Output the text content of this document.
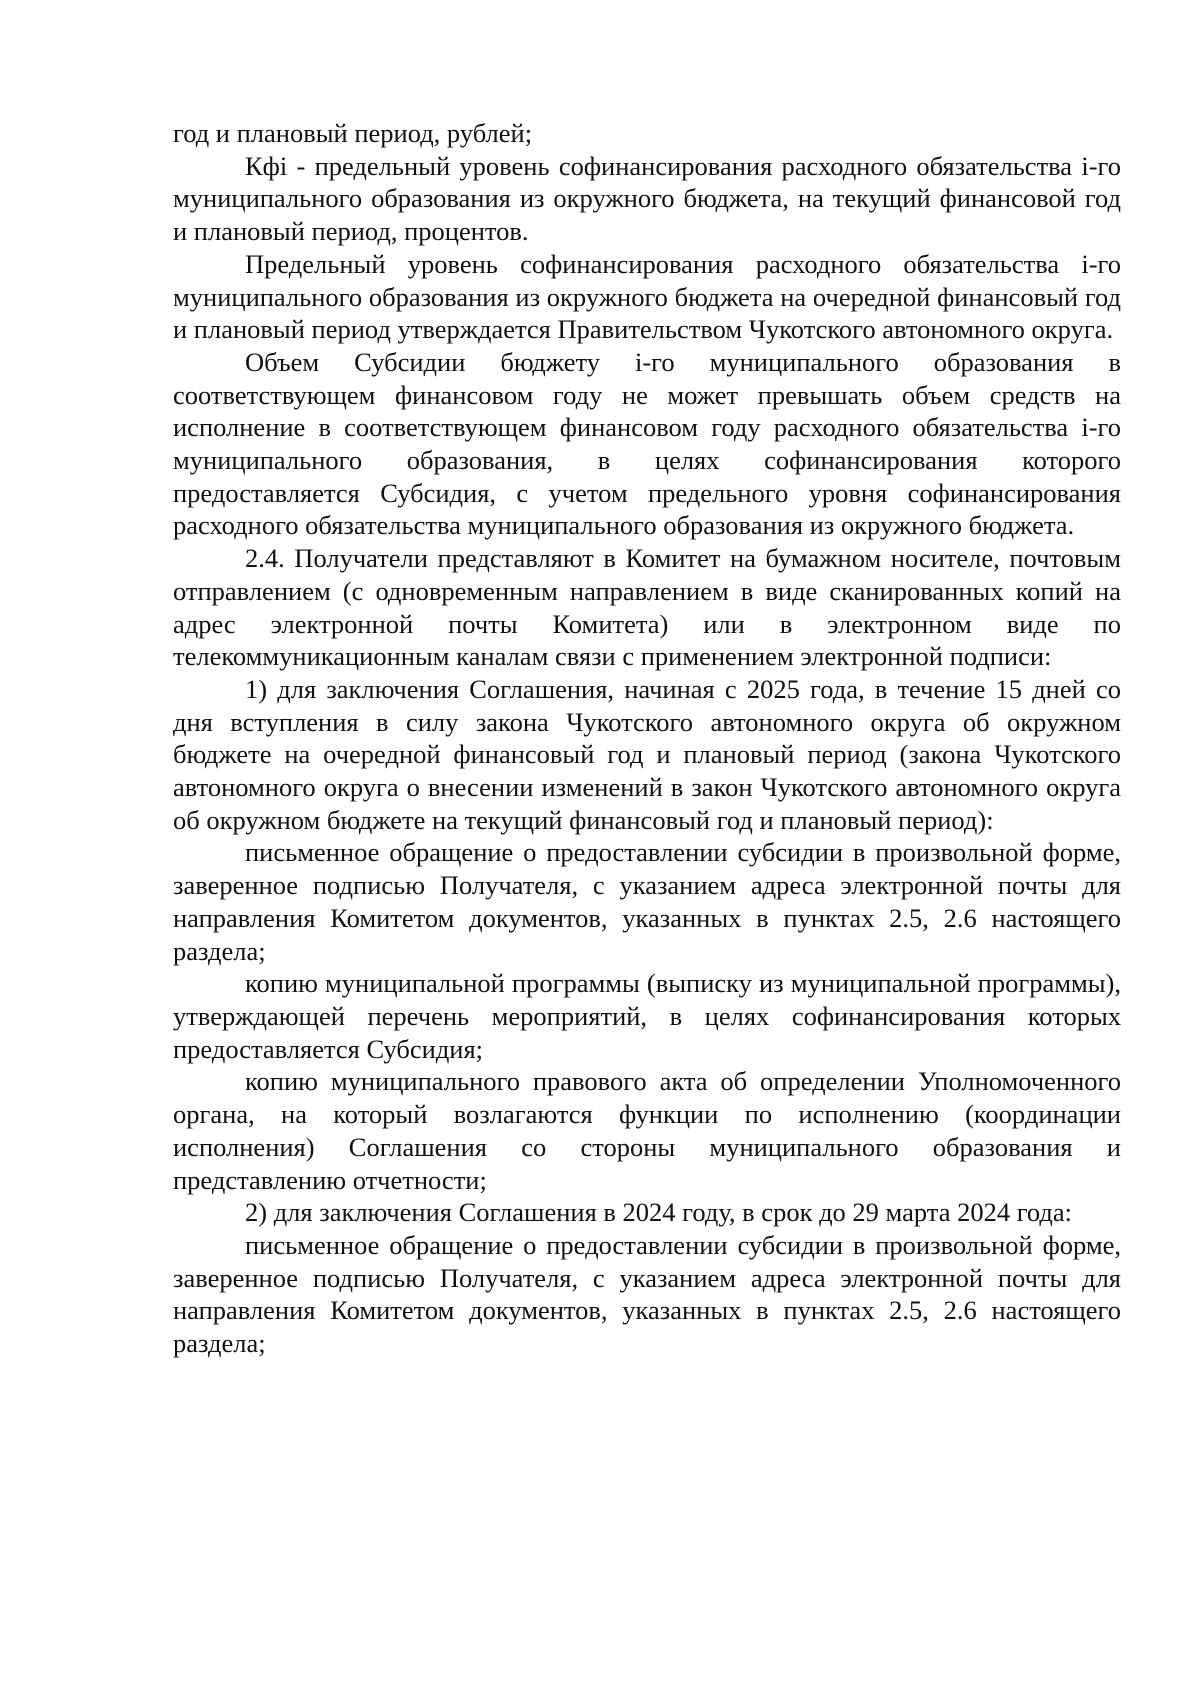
год и плановый период, рублей;

Кфi - предельный уровень софинансирования расходного обязательства i-го муниципального образования из окружного бюджета, на текущий финансовой год и плановый период, процентов.

Предельный уровень софинансирования расходного обязательства i-го муниципального образования из окружного бюджета на очередной финансовый год и плановый период утверждается Правительством Чукотского автономного округа.

Объем Субсидии бюджету i-го муниципального образования в соответствующем финансовом году не может превышать объем средств на исполнение в соответствующем финансовом году расходного обязательства i-го муниципального образования, в целях софинансирования которого предоставляется Субсидия, с учетом предельного уровня софинансирования расходного обязательства муниципального образования из окружного бюджета.

2.4. Получатели представляют в Комитет на бумажном носителе, почтовым отправлением (с одновременным направлением в виде сканированных копий на адрес электронной почты Комитета) или в электронном виде по телекоммуникационным каналам связи с применением электронной подписи:

1) для заключения Соглашения, начиная с 2025 года, в течение 15 дней со дня вступления в силу закона Чукотского автономного округа об окружном бюджете на очередной финансовый год и плановый период (закона Чукотского автономного округа о внесении изменений в закон Чукотского автономного округа об окружном бюджете на текущий финансовый год и плановый период):

письменное обращение о предоставлении субсидии в произвольной форме, заверенное подписью Получателя, с указанием адреса электронной почты для направления Комитетом документов, указанных в пунктах 2.5, 2.6 настоящего раздела;

копию муниципальной программы (выписку из муниципальной программы), утверждающей перечень мероприятий, в целях софинансирования которых предоставляется Субсидия;

копию муниципального правового акта об определении Уполномоченного органа, на который возлагаются функции по исполнению (координации исполнения) Соглашения со стороны муниципального образования и представлению отчетности;

2) для заключения Соглашения в 2024 году, в срок до 29 марта 2024 года:

письменное обращение о предоставлении субсидии в произвольной форме, заверенное подписью Получателя, с указанием адреса электронной почты для направления Комитетом документов, указанных в пунктах 2.5, 2.6 настоящего раздела;
